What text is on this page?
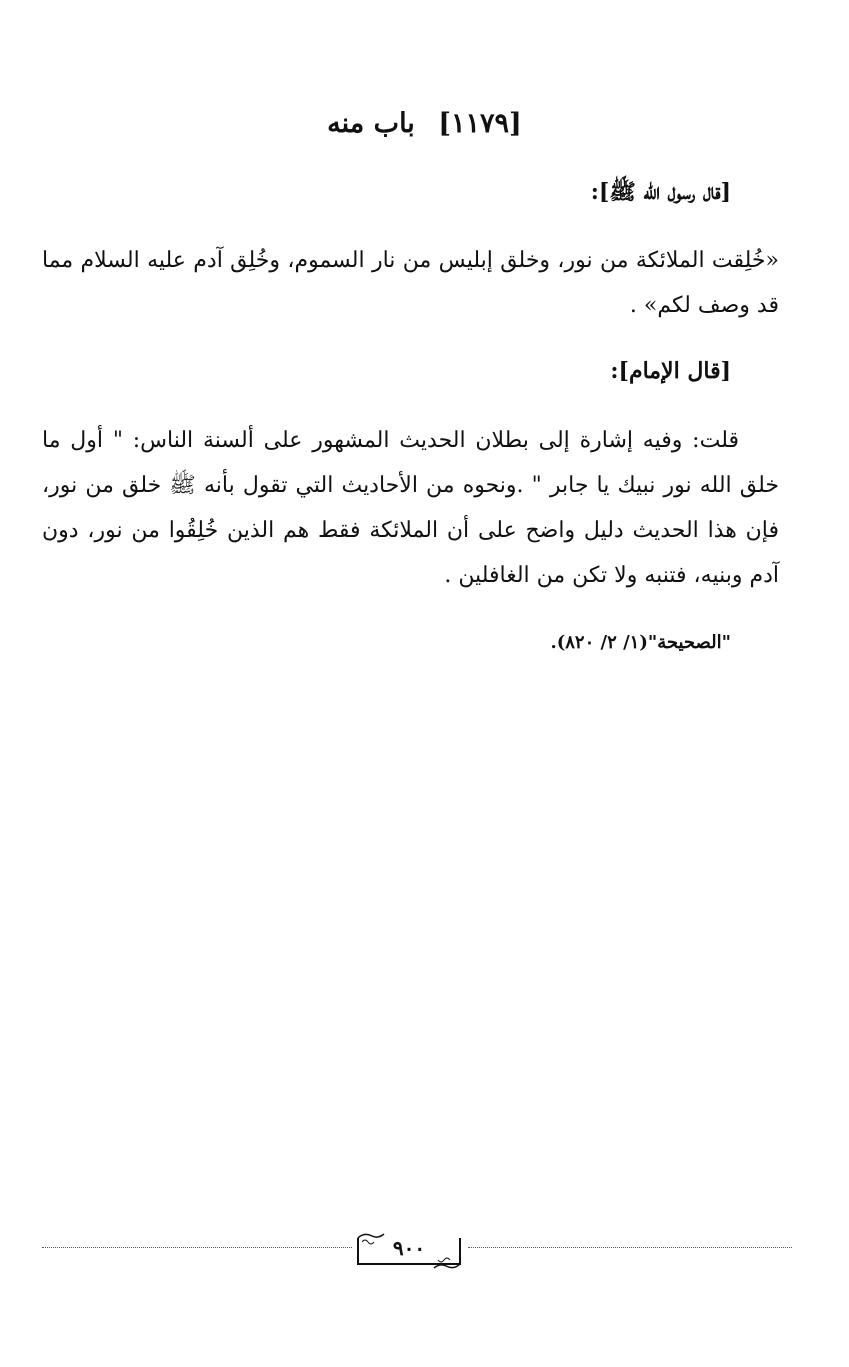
[١١٧٩] باب منه
[قال رسول الله ﷺ]:
«خُلِقت الملائكة من نور، وخلق إبليس من نار السموم، وخُلِق آدم عليه السلام مما قد وصف لكم» .
[قال الإمام]:
قلت: وفيه إشارة إلى بطلان الحديث المشهور على ألسنة الناس: " أول ما خلق الله نور نبيك يا جابر " .ونحوه من الأحاديث التي تقول بأنه ﷺ خلق من نور، فإن هذا الحديث دليل واضح على أن الملائكة فقط هم الذين خُلِقُوا من نور، دون آدم وبنيه، فتنبه ولا تكن من الغافلين .
"الصحيحة"(١/ ٢/ ٨٢٠).
٩٠٠
